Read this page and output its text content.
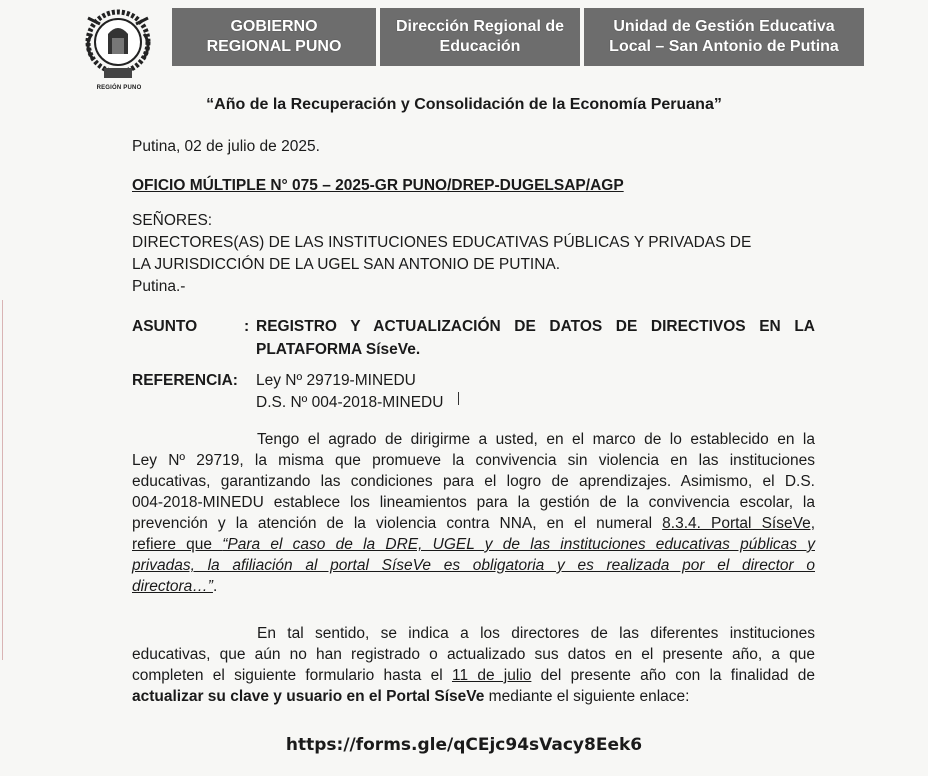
REGIÓN PUNO
GOBIERNO
REGIONAL PUNO
Dirección Regional de
Educación
Unidad de Gestión Educativa
Local – San Antonio de Putina
“Año de la Recuperación y Consolidación de la Economía Peruana”
Putina, 02 de julio de 2025.
OFICIO MÚLTIPLE N° 075 – 2025-GR PUNO/DREP-DUGELSAP/AGP
SEÑORES:
DIRECTORES(AS) DE LAS INSTITUCIONES EDUCATIVAS PÚBLICAS Y PRIVADAS DE
LA JURISDICCIÓN DE LA UGEL SAN ANTONIO DE PUTINA.
Putina.-
ASUNTO	: REGISTRO Y ACTUALIZACIÓN DE DATOS DE DIRECTIVOS EN LA
PLATAFORMA SíseVe.
REFERENCIA: Ley Nº 29719-MINEDU
D.S. Nº 004-2018-MINEDU
Tengo el agrado de dirigirme a usted, en el marco de lo establecido en la
Ley Nº 29719, la misma que promueve la convivencia sin violencia en las instituciones
educativas, garantizando las condiciones para el logro de aprendizajes. Asimismo, el D.S.
004-2018-MINEDU establece los lineamientos para la gestión de la convivencia escolar, la
prevención y la atención de la violencia contra NNA, en el numeral 8.3.4. Portal SíseVe,
refiere que “Para el caso de la DRE, UGEL y de las instituciones educativas públicas y
privadas, la afiliación al portal SíseVe es obligatoria y es realizada por el director o
directora…”.
En tal sentido, se indica a los directores de las diferentes instituciones
educativas, que aún no han registrado o actualizado sus datos en el presente año, a que
completen el siguiente formulario hasta el 11 de julio del presente año con la finalidad de
actualizar su clave y usuario en el Portal SíseVe mediante el siguiente enlace:
https://forms.gle/qCEjc94sVacy8Eek6
